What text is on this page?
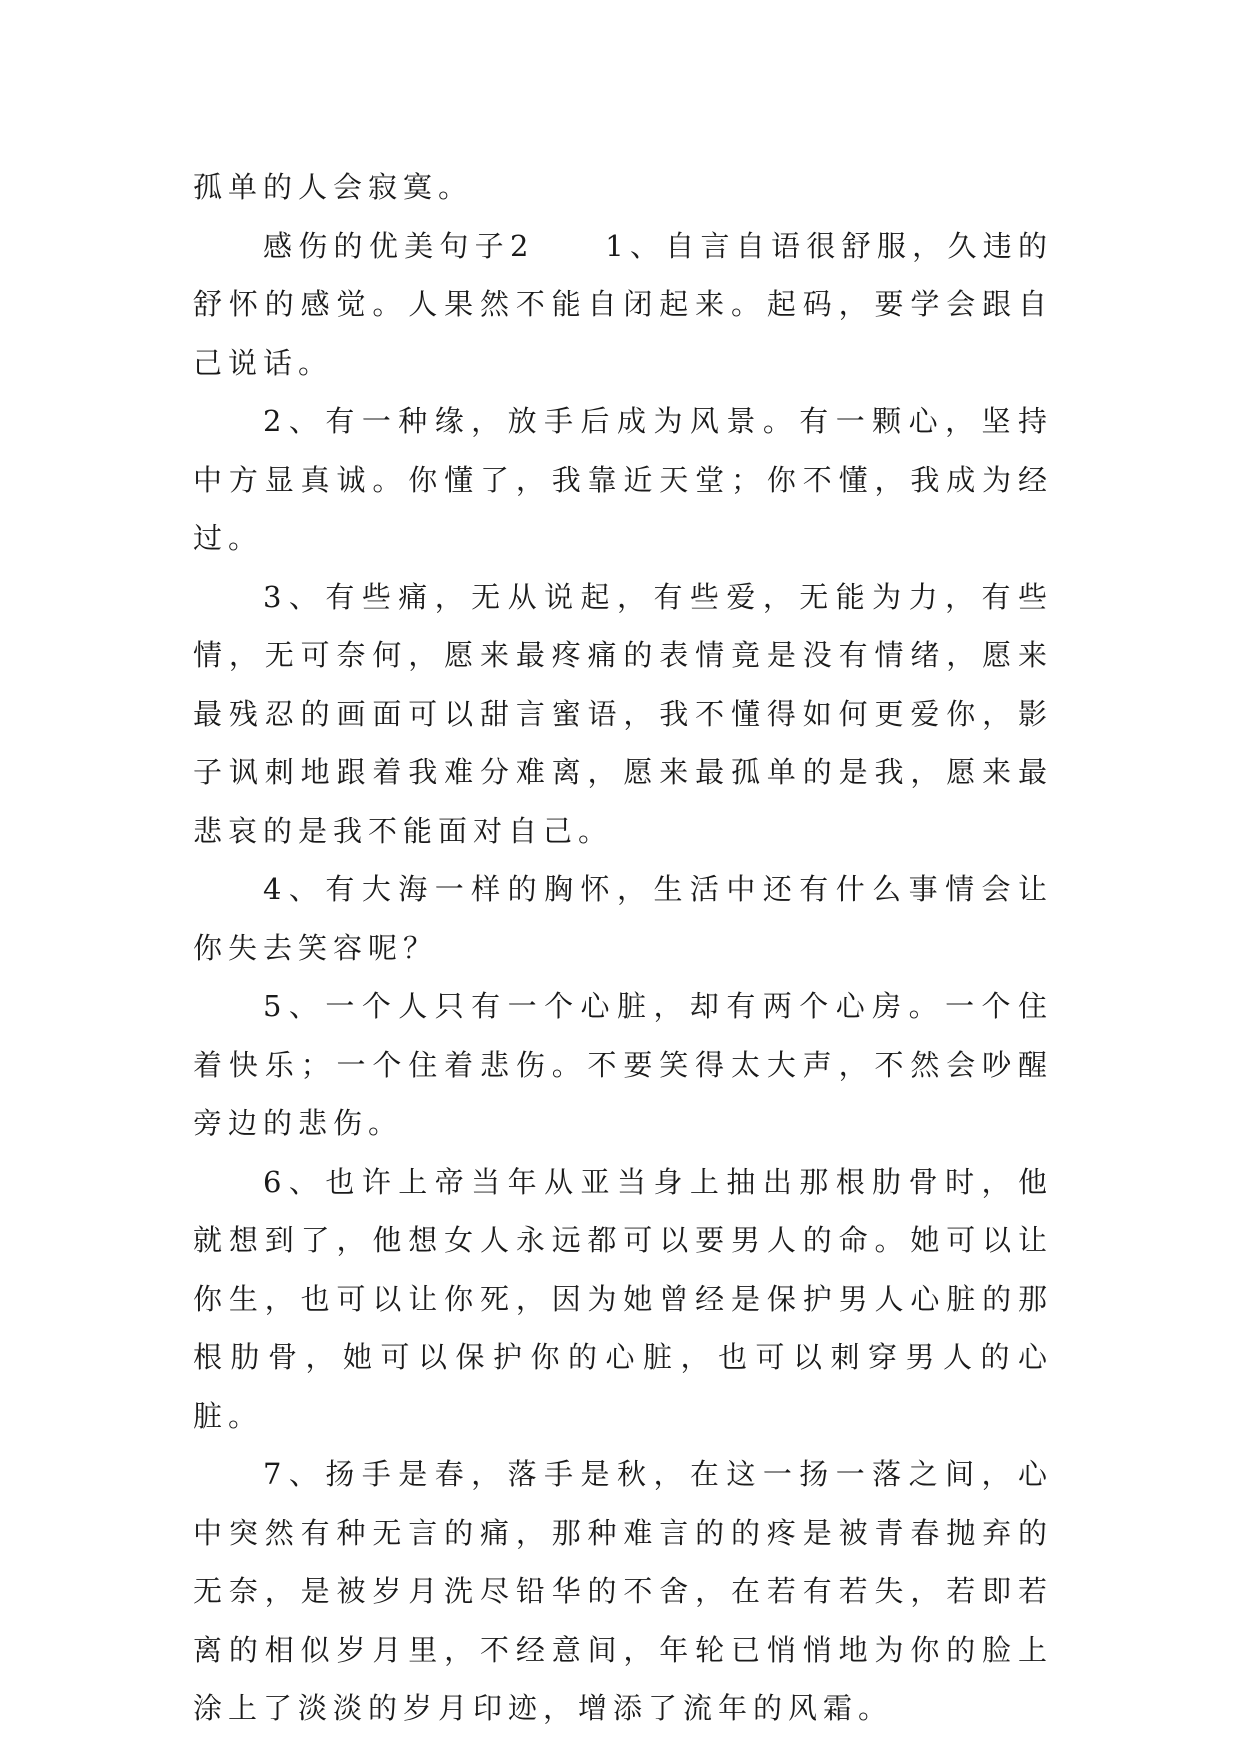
孤单的人会寂寞。

感伤的优美句子2　　1、自言自语很舒服，久违的舒怀的感觉。人果然不能自闭起来。起码，要学会跟自己说话。

2、有一种缘，放手后成为风景。有一颗心，坚持中方显真诚。你懂了，我靠近天堂；你不懂，我成为经过。

3、有些痛，无从说起，有些爱，无能为力，有些情，无可奈何，愿来最疼痛的表情竟是没有情绪，愿来最残忍的画面可以甜言蜜语，我不懂得如何更爱你，影子讽刺地跟着我难分难离，愿来最孤单的是我，愿来最悲哀的是我不能面对自己。

4、有大海一样的胸怀，生活中还有什么事情会让你失去笑容呢？

5、一个人只有一个心脏，却有两个心房。一个住着快乐；一个住着悲伤。不要笑得太大声，不然会吵醒旁边的悲伤。

6、也许上帝当年从亚当身上抽出那根肋骨时，他就想到了，他想女人永远都可以要男人的命。她可以让你生，也可以让你死，因为她曾经是保护男人心脏的那根肋骨，她可以保护你的心脏，也可以刺穿男人的心脏。

7、扬手是春，落手是秋，在这一扬一落之间，心中突然有种无言的痛，那种难言的的疼是被青春抛弃的无奈，是被岁月洗尽铅华的不舍，在若有若失，若即若离的相似岁月里，不经意间，年轮已悄悄地为你的脸上涂上了淡淡的岁月印迹，增添了流年的风霜。
